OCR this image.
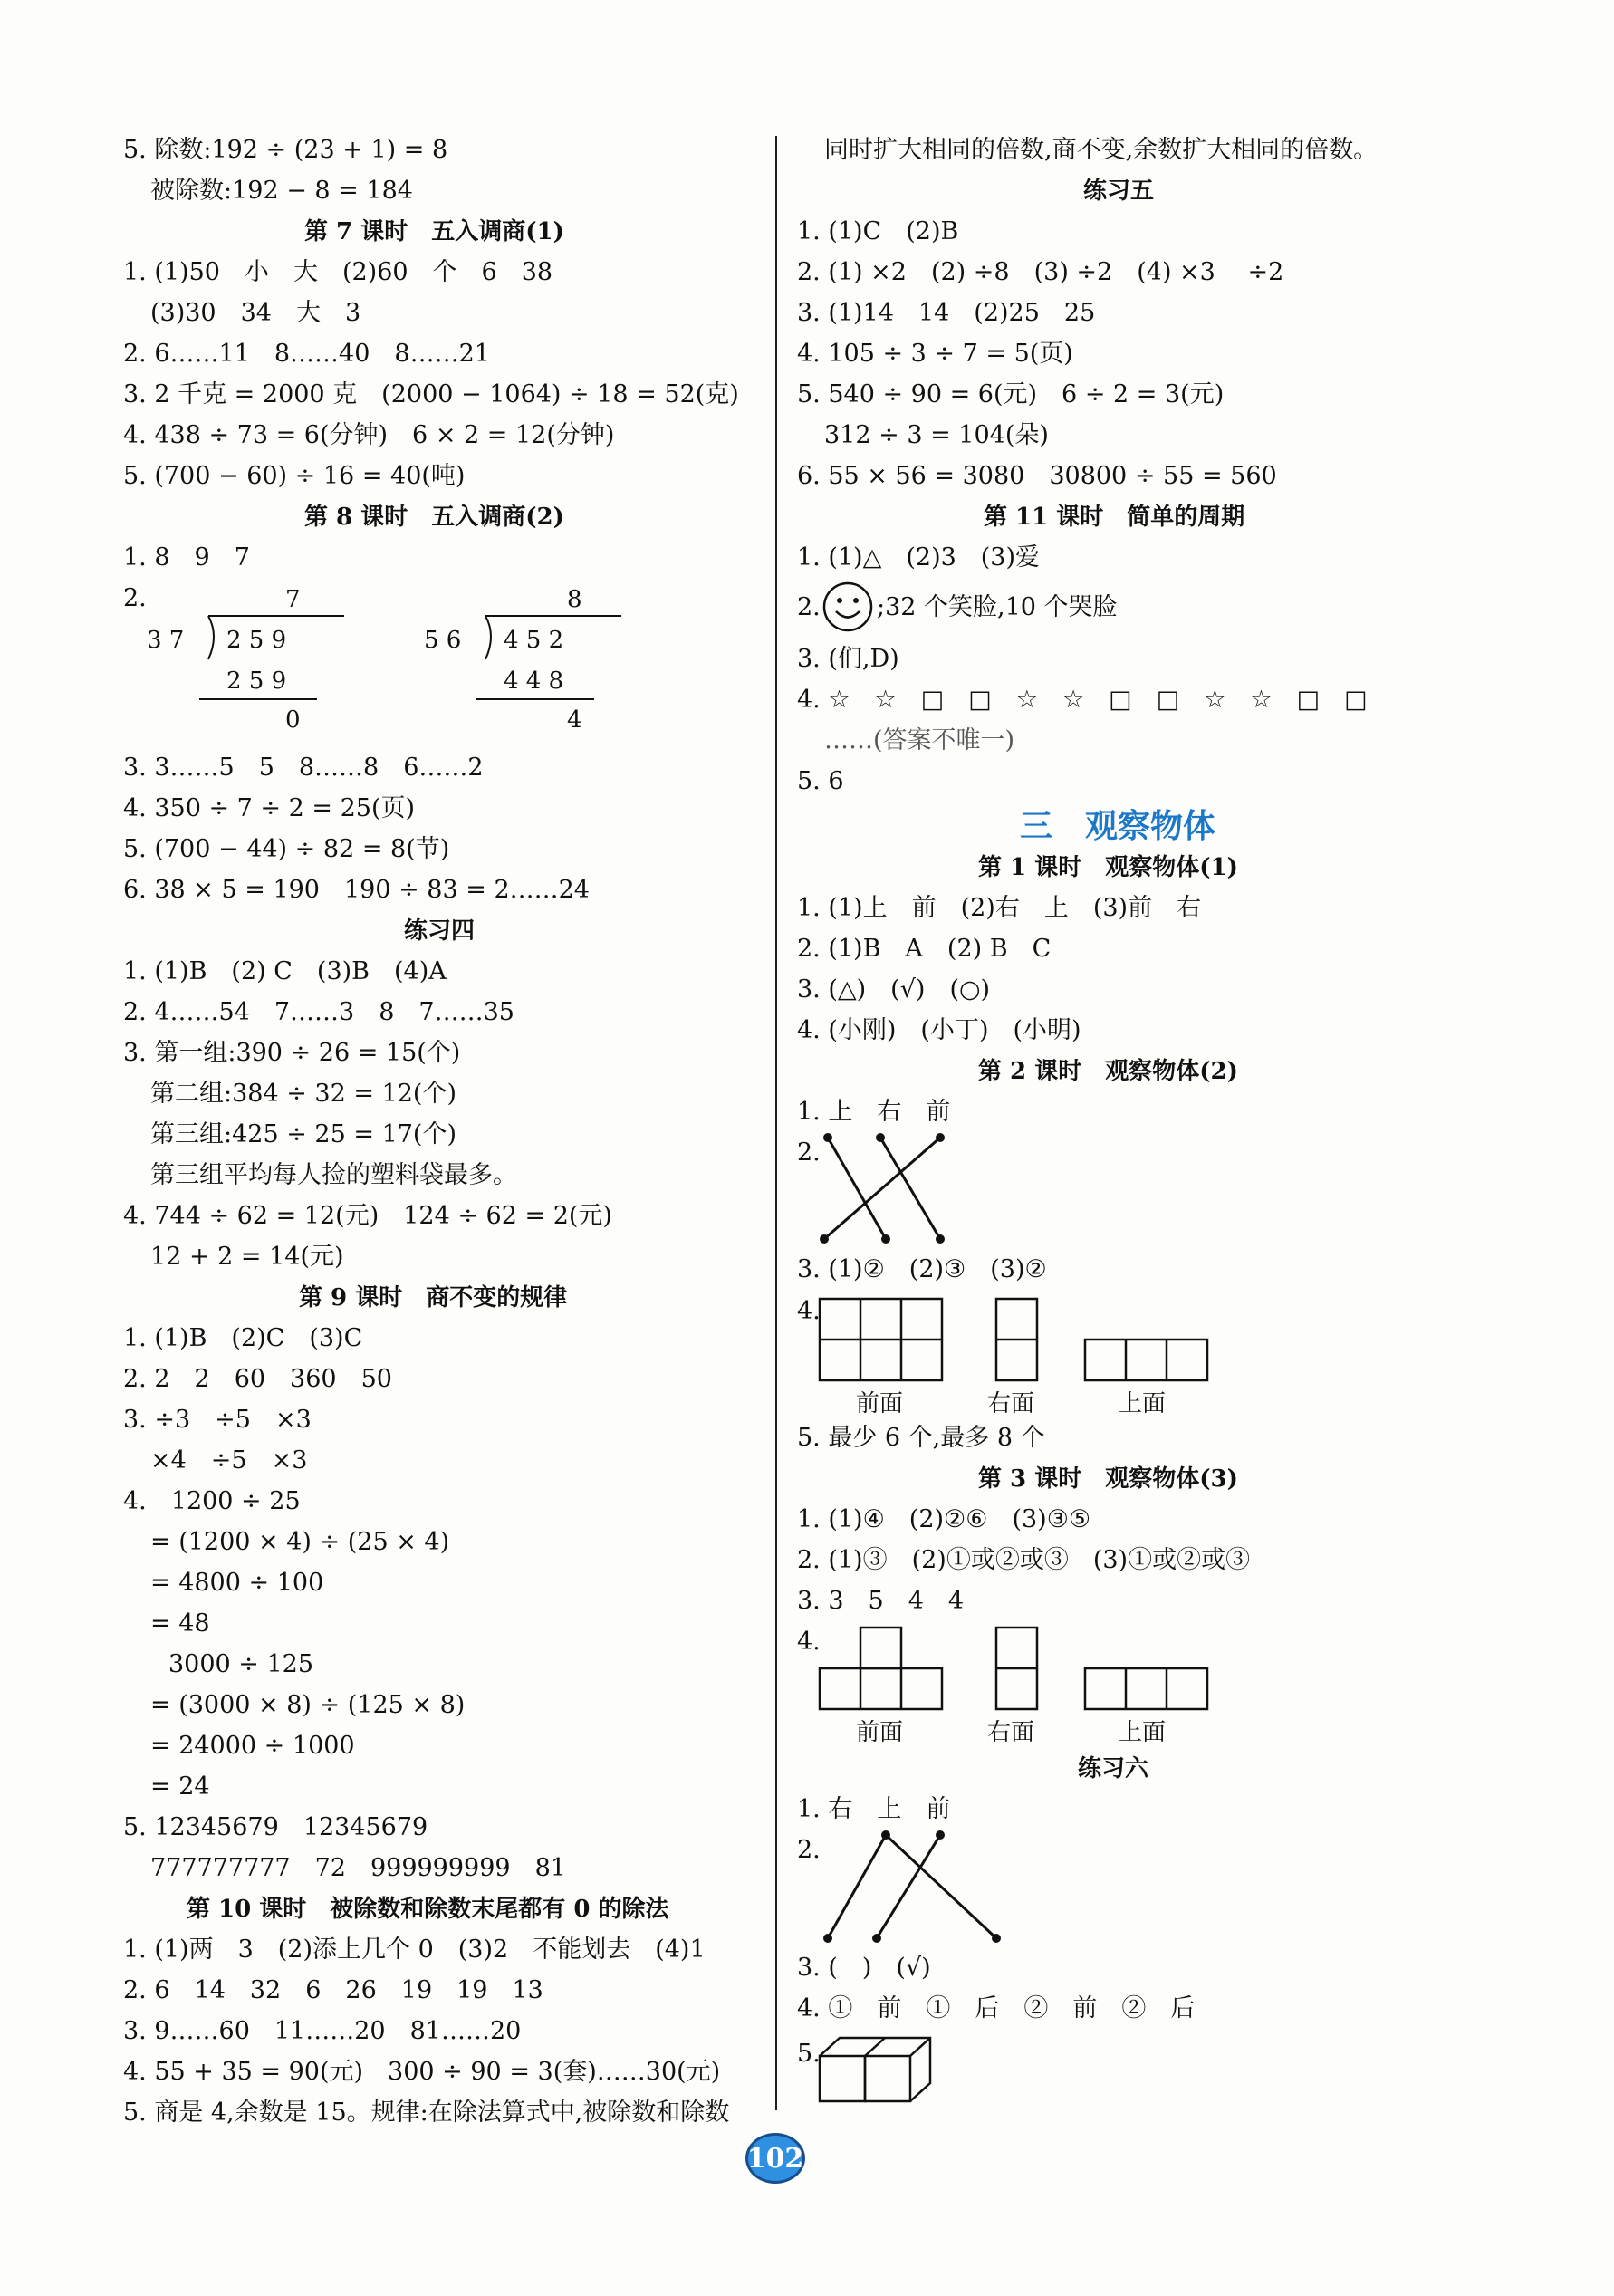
5. 除数:192 ÷ (23 + 1) = 8
被除数:192 − 8 = 184
第 7 课时　五入调商(1)
1. (1)50　小　大　(2)60　个　6　38
(3)30　34　大　3
2. 6……11　8……40　8……21
3. 2 千克 = 2000 克　(2000 − 1064) ÷ 18 = 52(克)
4. 438 ÷ 73 = 6(分钟)　6 × 2 = 12(分钟)
5. (700 − 60) ÷ 16 = 40(吨)
第 8 课时　五入调商(2)
1. 8　9　7
2.	7
3 7 2 5 9
2 5 9
0
8
5 6 4 5 2
4 4 8
4
3. 3……5　5　8……8　6……2
4. 350 ÷ 7 ÷ 2 = 25(页)
5. (700 − 44) ÷ 82 = 8(节)
6. 38 × 5 = 190　190 ÷ 83 = 2……24
练习四
1. (1)B　(2) C　(3)B　(4)A
2. 4……54　7……3　8　7……35
3. 第一组:390 ÷ 26 = 15(个)
第二组:384 ÷ 32 = 12(个)
第三组:425 ÷ 25 = 17(个)
第三组平均每人捡的塑料袋最多。
4. 744 ÷ 62 = 12(元)　124 ÷ 62 = 2(元)
12 + 2 = 14(元)
第 9 课时　商不变的规律
1. (1)B　(2)C　(3)C
2. 2　2　60　360　50
3. ÷3　÷5　×3
×4　÷5　×3
4.　1200 ÷ 25
= (1200 × 4) ÷ (25 × 4)
= 4800 ÷ 100
= 48
3000 ÷ 125
= (3000 × 8) ÷ (125 × 8)
= 24000 ÷ 1000
= 24
5. 12345679　12345679
777777777　72　999999999　81
第 10 课时　被除数和除数末尾都有 0 的除法
1. (1)两　3　(2)添上几个 0　(3)2　不能划去　(4)1
2. 6　14　32　6　26　19　19　13
3. 9……60　11……20　81……20
4. 55 + 35 = 90(元)　300 ÷ 90 = 3(套)……30(元)
5. 商是 4,余数是 15。规律:在除法算式中,被除数和除数
同时扩大相同的倍数,商不变,余数扩大相同的倍数。
练习五
1. (1)C　(2)B
2. (1) ×2　(2) ÷8　(3) ÷2　(4) ×3　 ÷2
3. (1)14　14　(2)25　25
4. 105 ÷ 3 ÷ 7 = 5(页)
5. 540 ÷ 90 = 6(元)　6 ÷ 2 = 3(元)
312 ÷ 3 = 104(朵)
6. 55 × 56 = 3080　30800 ÷ 55 = 560
第 11 课时　简单的周期
1. (1)△　(2)3　(3)爱
2. ;32 个笑脸,10 个哭脸
3. (们,D)
4. ☆　☆　□　□　☆　☆　□　□　☆　☆　□　□
……(答案不唯一)
5. 6
三　观察物体
第 1 课时　观察物体(1)
1. (1)上　前　(2)右　上　(3)前　右
2. (1)B　A　(2) B　C
3. (△)　(√)　(○)
4. (小刚)　(小丁)　(小明)
第 2 课时　观察物体(2)
1. 上　右　前
2.
3. (1)②　(2)③　(3)②
4.
前面	右面	上面
5. 最少 6 个,最多 8 个
第 3 课时　观察物体(3)
1. (1)④　(2)②⑥　(3)③⑤
2. (1)③　(2)①或②或③　(3)①或②或③
3. 3　5　4　4
4.
前面	右面	上面
练习六
1. 右　上　前
2.
3. (　)　(√)
4. ①　前　①　后　②　前　②　后
5.
102
